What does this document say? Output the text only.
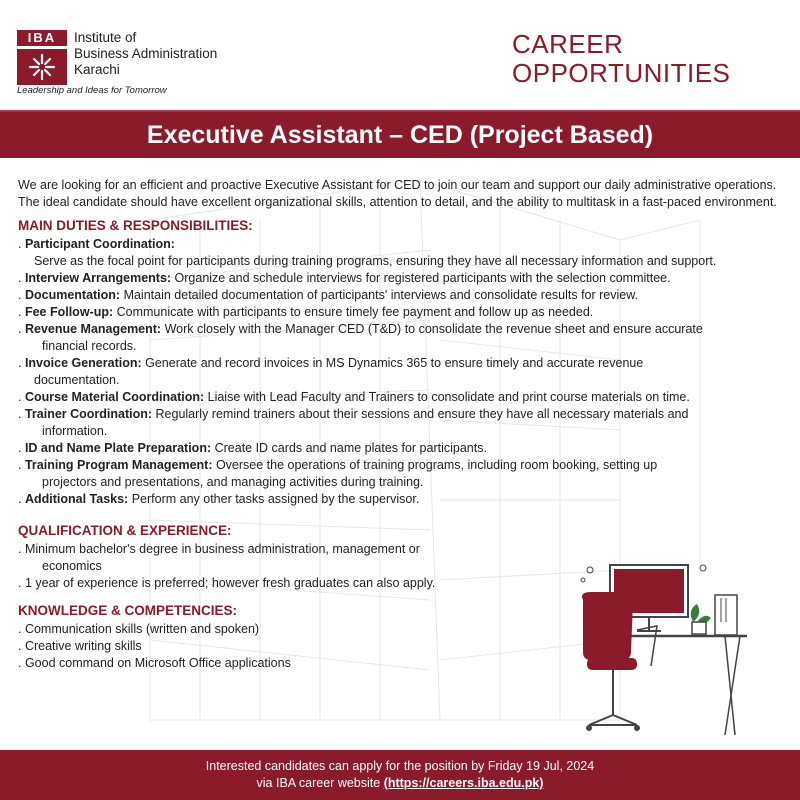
IBA	Institute of
Business Administration
Karachi
Leadership and Ideas for Tomorrow
CAREER
OPPORTUNITIES
Executive Assistant – CED (Project Based)

We are looking for an efficient and proactive Executive Assistant for CED to join our team and support our daily administrative operations. The ideal candidate should have excellent organizational skills, attention to detail, and the ability to multitask in a fast-paced environment.

MAIN DUTIES & RESPONSIBILITIES:
. Participant Coordination:
Serve as the focal point for participants during training programs, ensuring they have all necessary information and support.
. Interview Arrangements: Organize and schedule interviews for registered participants with the selection committee.
. Documentation: Maintain detailed documentation of participants' interviews and consolidate results for review.
. Fee Follow-up: Communicate with participants to ensure timely fee payment and follow up as needed.
. Revenue Management: Work closely with the Manager CED (T&D) to consolidate the revenue sheet and ensure accurate
financial records.
. Invoice Generation: Generate and record invoices in MS Dynamics 365 to ensure timely and accurate revenue
documentation.
. Course Material Coordination: Liaise with Lead Faculty and Trainers to consolidate and print course materials on time.
. Trainer Coordination: Regularly remind trainers about their sessions and ensure they have all necessary materials and
information.
. ID and Name Plate Preparation: Create ID cards and name plates for participants.
. Training Program Management: Oversee the operations of training programs, including room booking, setting up
projectors and presentations, and managing activities during training.
. Additional Tasks: Perform any other tasks assigned by the supervisor.
QUALIFICATION & EXPERIENCE:
. Minimum bachelor's degree in business administration, management or
economics
. 1 year of experience is preferred; however fresh graduates can also apply.
KNOWLEDGE & COMPETENCIES:
. Communication skills (written and spoken)
. Creative writing skills
. Good command on Microsoft Office applications
Interested candidates can apply for the position by Friday 19 Jul, 2024
via IBA career website (https://careers.iba.edu.pk)
